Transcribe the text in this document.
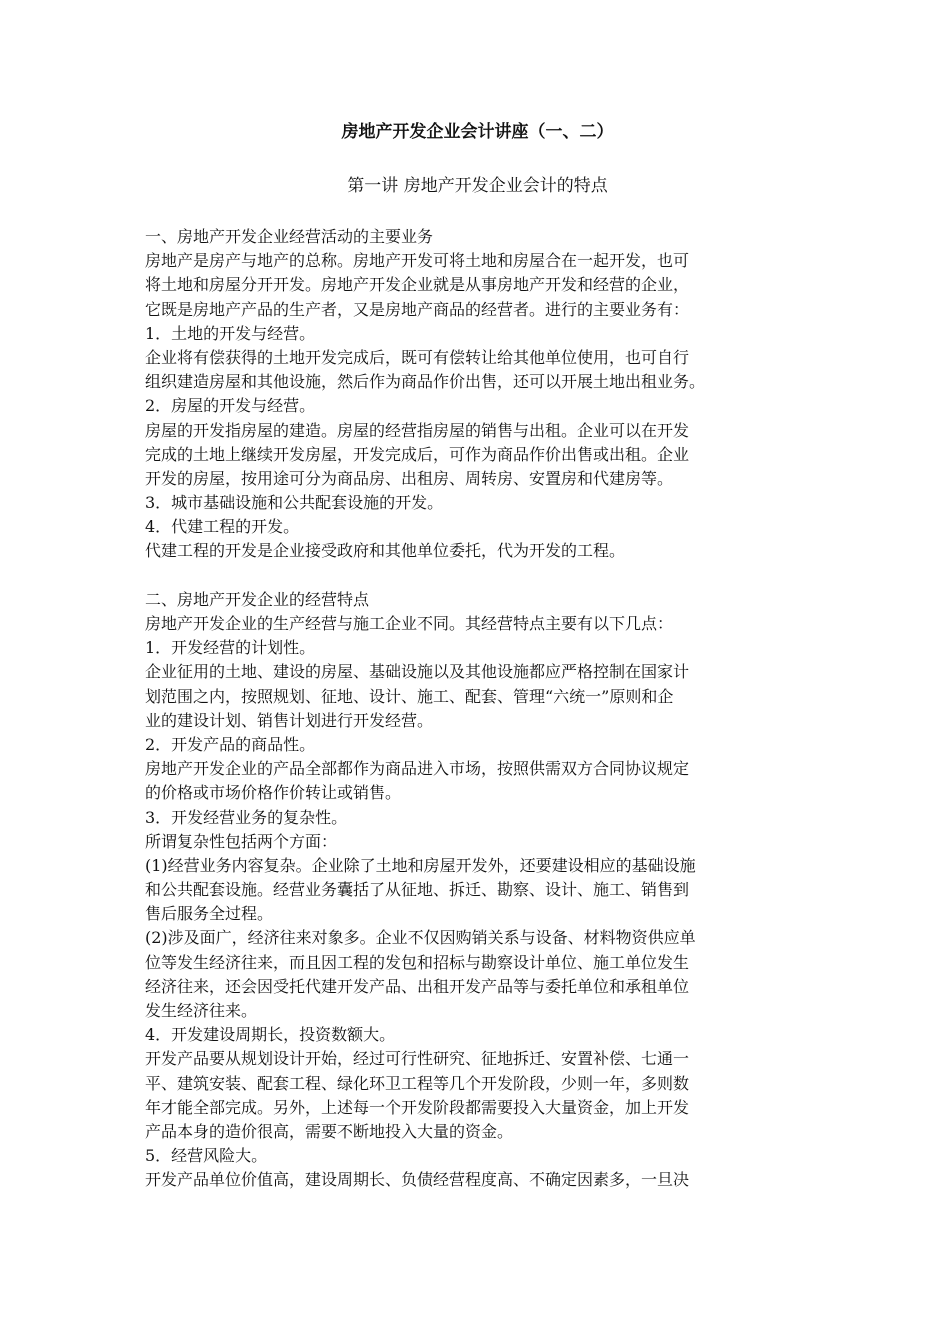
房地产开发企业会计讲座（一、二）
第一讲 房地产开发企业会计的特点
一、房地产开发企业经营活动的主要业务
房地产是房产与地产的总称。房地产开发可将土地和房屋合在一起开发，也可
将土地和房屋分开开发。房地产开发企业就是从事房地产开发和经营的企业，
它既是房地产产品的生产者，又是房地产商品的经营者。进行的主要业务有：
1．土地的开发与经营。
企业将有偿获得的土地开发完成后，既可有偿转让给其他单位使用，也可自行
组织建造房屋和其他设施，然后作为商品作价出售，还可以开展土地出租业务。
2．房屋的开发与经营。
房屋的开发指房屋的建造。房屋的经营指房屋的销售与出租。企业可以在开发
完成的土地上继续开发房屋，开发完成后，可作为商品作价出售或出租。企业
开发的房屋，按用途可分为商品房、出租房、周转房、安置房和代建房等。
3．城市基础设施和公共配套设施的开发。
4．代建工程的开发。
代建工程的开发是企业接受政府和其他单位委托，代为开发的工程。
二、房地产开发企业的经营特点
房地产开发企业的生产经营与施工企业不同。其经营特点主要有以下几点：
1．开发经营的计划性。
企业征用的土地、建设的房屋、基础设施以及其他设施都应严格控制在国家计
划范围之内，按照规划、征地、设计、施工、配套、管理“六统一”原则和企
业的建设计划、销售计划进行开发经营。
2．开发产品的商品性。
房地产开发企业的产品全部都作为商品进入市场，按照供需双方合同协议规定
的价格或市场价格作价转让或销售。
3．开发经营业务的复杂性。
所谓复杂性包括两个方面：
(1)经营业务内容复杂。企业除了土地和房屋开发外，还要建设相应的基础设施
和公共配套设施。经营业务囊括了从征地、拆迁、勘察、设计、施工、销售到
售后服务全过程。
(2)涉及面广，经济往来对象多。企业不仅因购销关系与设备、材料物资供应单
位等发生经济往来，而且因工程的发包和招标与勘察设计单位、施工单位发生
经济往来，还会因受托代建开发产品、出租开发产品等与委托单位和承租单位
发生经济往来。
4．开发建设周期长，投资数额大。
开发产品要从规划设计开始，经过可行性研究、征地拆迁、安置补偿、七通一
平、建筑安装、配套工程、绿化环卫工程等几个开发阶段，少则一年，多则数
年才能全部完成。另外，上述每一个开发阶段都需要投入大量资金，加上开发
产品本身的造价很高，需要不断地投入大量的资金。
5．经营风险大。
开发产品单位价值高，建设周期长、负债经营程度高、不确定因素多，一旦决
